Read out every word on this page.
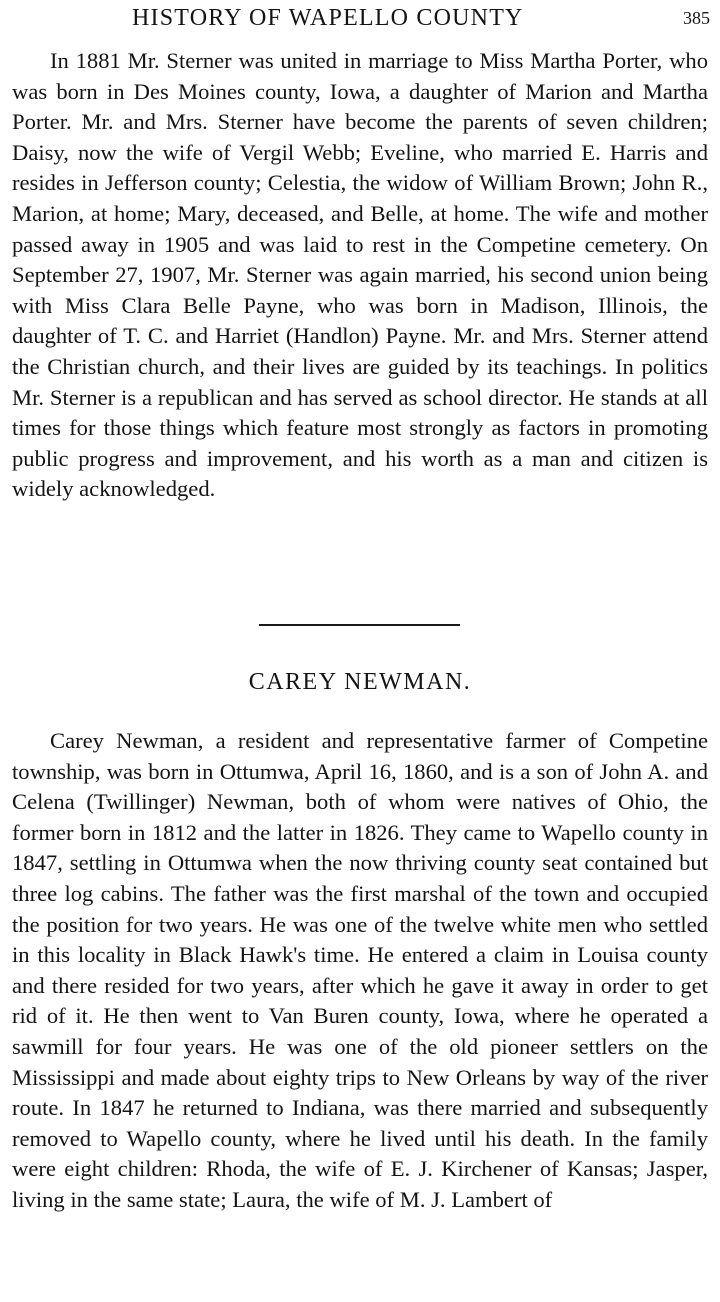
HISTORY OF WAPELLO COUNTY	385

In 1881 Mr. Sterner was united in marriage to Miss Martha Porter, who was born in Des Moines county, Iowa, a daughter of Marion and Martha Porter. Mr. and Mrs. Sterner have become the parents of seven children; Daisy, now the wife of Vergil Webb; Eveline, who married E. Harris and resides in Jefferson county; Celestia, the widow of William Brown; John R., Marion, at home; Mary, deceased, and Belle, at home. The wife and mother passed away in 1905 and was laid to rest in the Competine cemetery. On September 27, 1907, Mr. Sterner was again married, his second union being with Miss Clara Belle Payne, who was born in Madison, Illinois, the daughter of T. C. and Harriet (Handlon) Payne. Mr. and Mrs. Sterner attend the Christian church, and their lives are guided by its teachings. In politics Mr. Sterner is a republican and has served as school director. He stands at all times for those things which feature most strongly as factors in promoting public progress and improvement, and his worth as a man and citizen is widely acknowledged.

CAREY NEWMAN.

Carey Newman, a resident and representative farmer of Competine township, was born in Ottumwa, April 16, 1860, and is a son of John A. and Celena (Twillinger) Newman, both of whom were natives of Ohio, the former born in 1812 and the latter in 1826. They came to Wapello county in 1847, settling in Ottumwa when the now thriving county seat contained but three log cabins. The father was the first marshal of the town and occupied the position for two years. He was one of the twelve white men who settled in this locality in Black Hawk's time. He entered a claim in Louisa county and there resided for two years, after which he gave it away in order to get rid of it. He then went to Van Buren county, Iowa, where he operated a sawmill for four years. He was one of the old pioneer settlers on the Mississippi and made about eighty trips to New Orleans by way of the river route. In 1847 he returned to Indiana, was there married and subsequently removed to Wapello county, where he lived until his death. In the family were eight children: Rhoda, the wife of E. J. Kirchener of Kansas; Jasper, living in the same state; Laura, the wife of M. J. Lambert of
